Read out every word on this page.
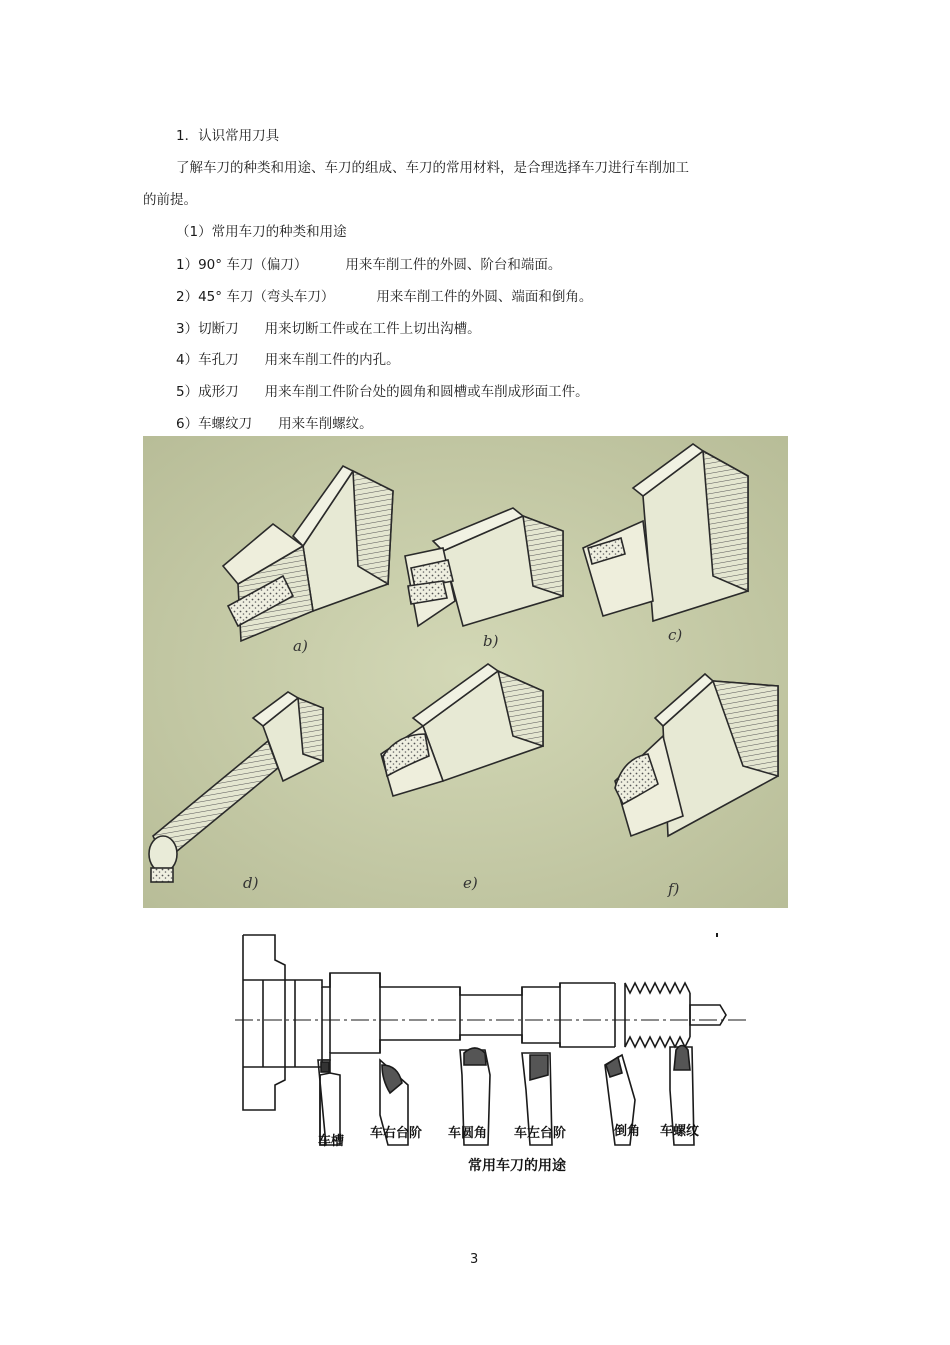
1．认识常用刀具
了解车刀的种类和用途、车刀的组成、车刀的常用材料，是合理选择车刀进行车削加工
的前提。
（1）常用车刀的种类和用途
1）90° 车刀（偏刀）	用来车削工件的外圆、阶台和端面。
2）45° 车刀（弯头车刀）	用来车削工件的外圆、端面和倒角。
3）切断刀 用来切断工件或在工件上切出沟槽。
4）车孔刀 用来车削工件的内孔。
5）成形刀 用来车削工件阶台处的圆角和圆槽或车削成形面工件。
6）车螺纹刀 用来车削螺纹。
a)	b)	c)
d)	e)	f)
车槽
车右台阶 车圆角 车左台阶	倒角 车螺纹
常用车刀的用途
3
